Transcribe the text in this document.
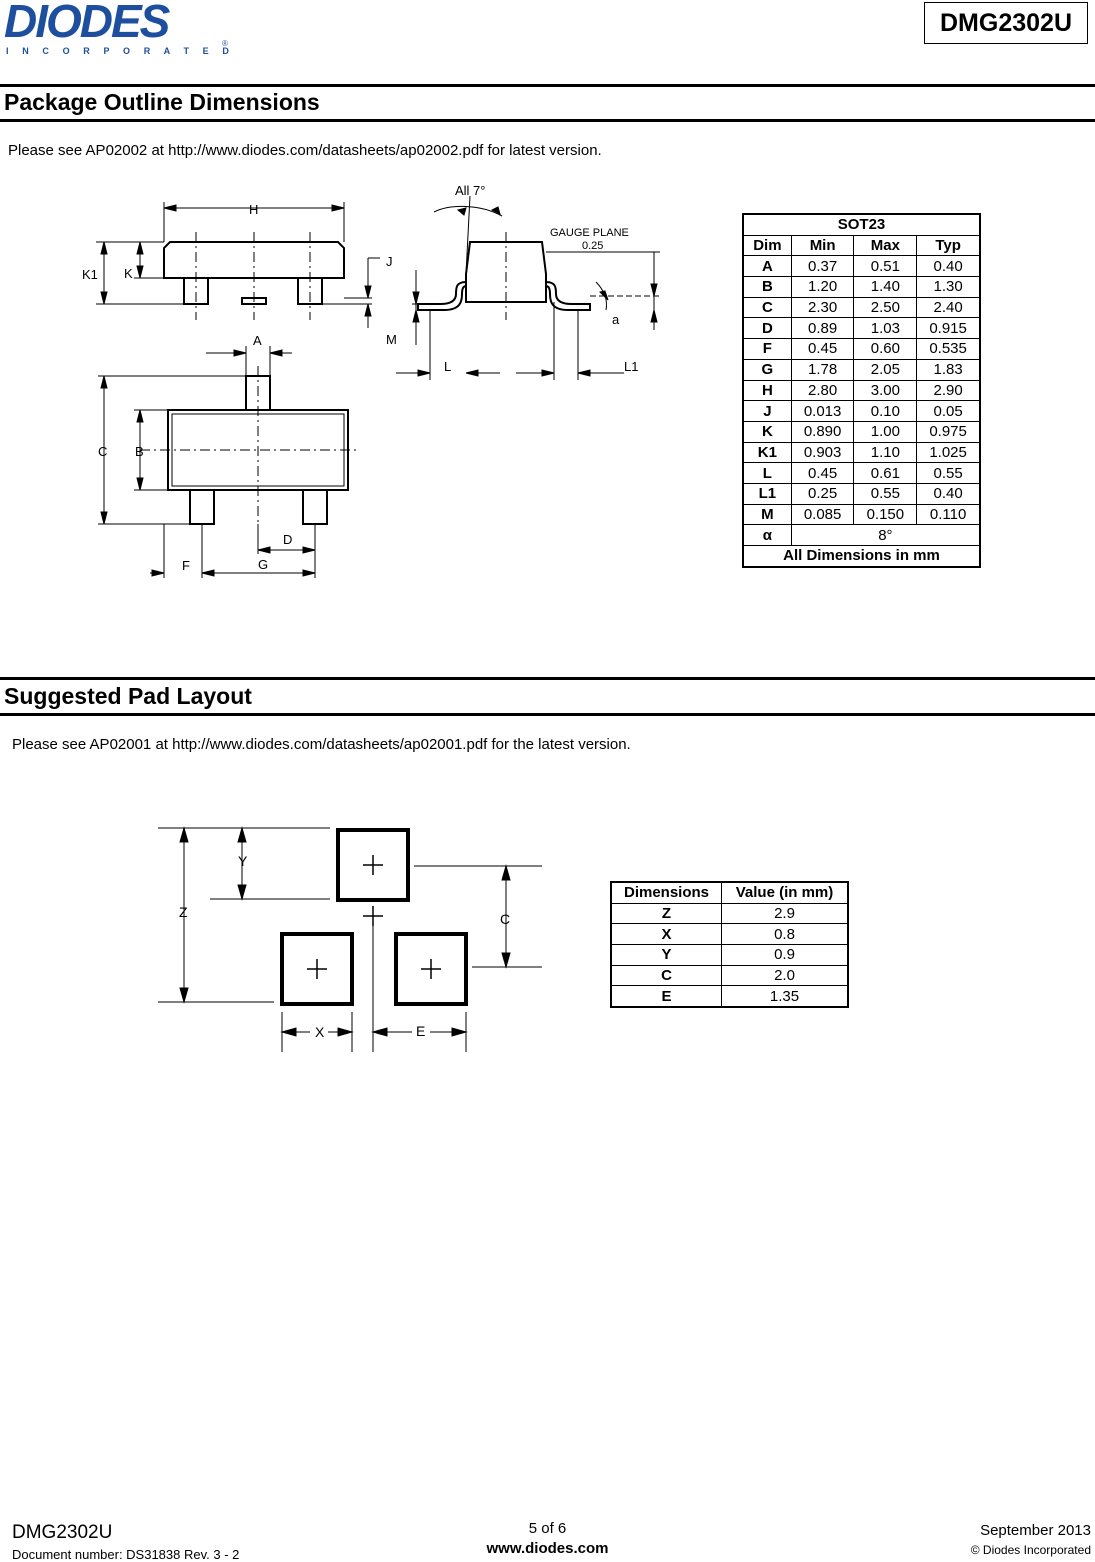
DIODES
I N C O R P O R A T E D
®
DMG2302U
Package Outline Dimensions
Please see AP02002 at http://www.diodes.com/datasheets/ap02002.pdf for latest version.
H
K1 K
J
M
A
C B
D
F	G
L	L1
a
All 7°
GAUGE PLANE
0.25
SOT23			
Dim	Min	Max	Typ
A	0.37	0.51	0.40
B	1.20	1.40	1.30
C	2.30	2.50	2.40
D	0.89	1.03	0.915
F	0.45	0.60	0.535
G	1.78	2.05	1.83
H	2.80	3.00	2.90
J	0.013	0.10	0.05
K	0.890	1.00	0.975
K1	0.903	1.10	1.025
L	0.45	0.61	0.55
L1	0.25	0.55	0.40
M	0.085	0.150	0.110
α	8°		
All Dimensions in mm			
Suggested Pad Layout
Please see AP02001 at http://www.diodes.com/datasheets/ap02001.pdf for the latest version.
Y
Z	C
X	E
Dimensions	Value (in mm)
Z	2.9
X	0.8
Y	0.9
C	2.0
E	1.35
DMG2302U
Document number: DS31838 Rev. 3 - 2
5 of 6
www.diodes.com
September 2013
© Diodes Incorporated
